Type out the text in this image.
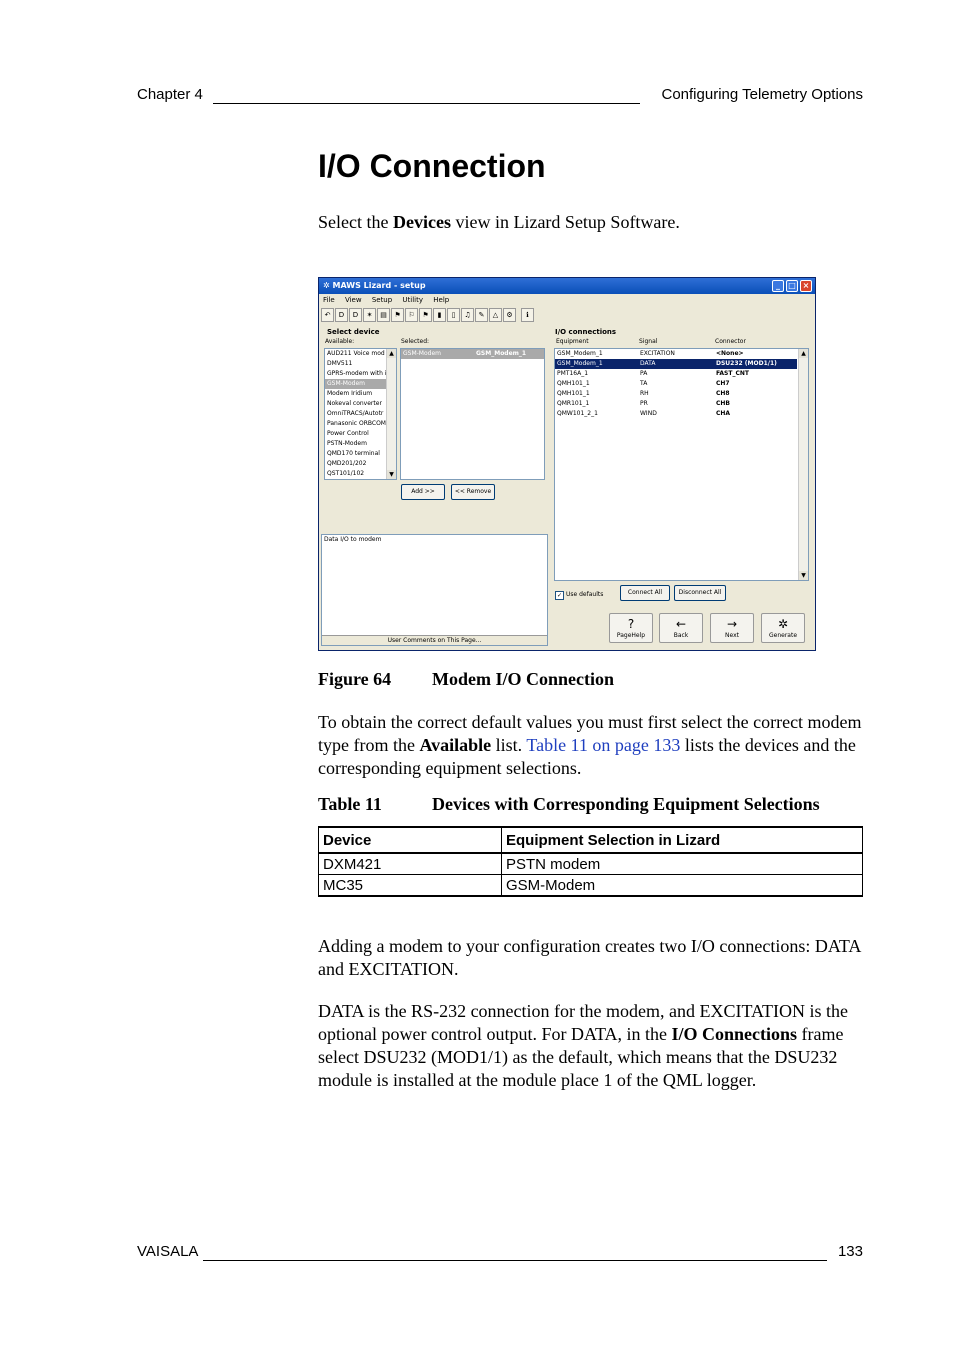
Chapter 4	Configuring Telemetry Options
I/O Connection
Select the Devices view in Lizard Setup Software.
✲ MAWS Lizard - setup	_	□ ×
File View Setup Utility Help
↶ D D ✶ ▤ ⚑ ⚐ ⚑ ▮ ▯ ♫ ✎ △ ⚙ ℹ
Select device
Available:	Selected:
AUD211 Voice mod
DMV511
GPRS-modem with i
GSM-Modem
Modem Iridium
Nokeval converter
OmniTRACS/Autotr
Panasonic ORBCOM
Power Control
PSTN-Modem
QMD170 terminal
QMD201/202
QST101/102
▲
▼
GSM-Modem	GSM_Modem_1
Add >>	<< Remove
Data I/O to modem
User Comments on This Page...
I/O connections
Equipment	Signal	Connector
GSM_Modem_1	EXCITATION	<None>
GSM_Modem_1	DATA	DSU232 (MOD1/1)
PMT16A_1	PA	FAST_CNT
QMH101_1	TA	CH7
QMH101_1	RH	CH8
QMR101_1	PR	CHB
QMW101_2_1	WIND	CHA
▲
▼
✓ Use defaults	Connect All	Disconnect All
?
PageHelp
←
Back
→
Next
✲
Generate
Figure 64 Modem I/O Connection
To obtain the correct default values you must first select the correct modem type from the Available list. Table 11 on page 133 lists the devices and the corresponding equipment selections.
Table 11	Devices with Corresponding Equipment Selections
Device	Equipment Selection in Lizard
DXM421	PSTN modem
MC35	GSM-Modem
Adding a modem to your configuration creates two I/O connections: DATA and EXCITATION.
DATA is the RS-232 connection for the modem, and EXCITATION is the optional power control output. For DATA, in the I/O Connections frame select DSU232 (MOD1/1) as the default, which means that the DSU232 module is installed at the module place 1 of the QML logger.
VAISALA	133
